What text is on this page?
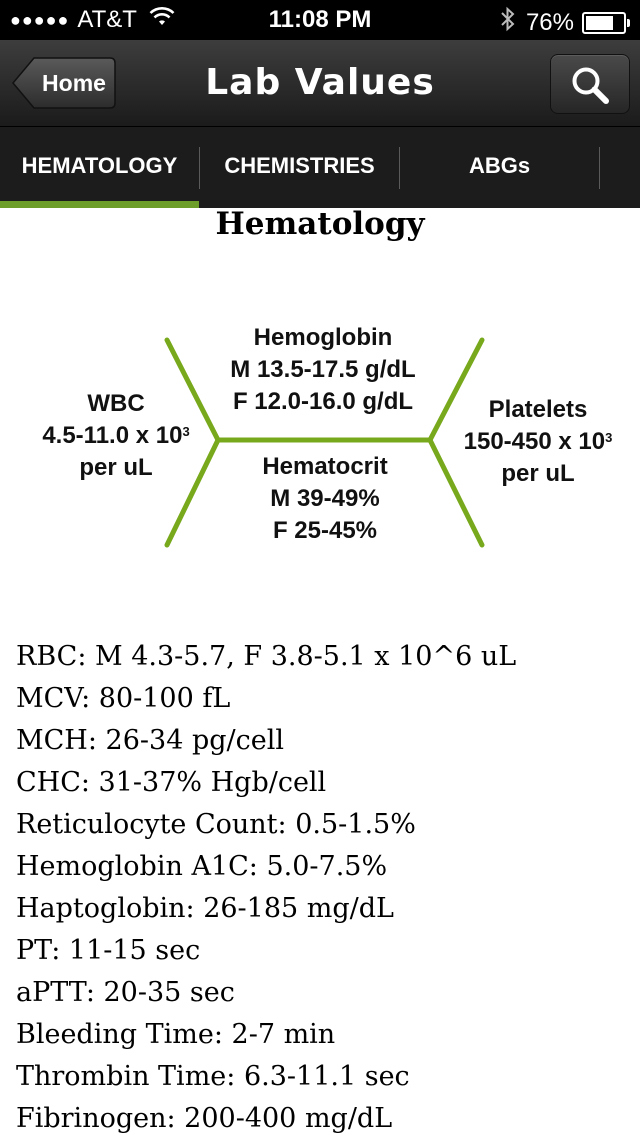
●●●●● AT&T	11:08 PM	76%
Home	Lab Values
HEMATOLOGY	CHEMISTRIES	ABGs
Hematology
Hemoglobin
M 13.5-17.5 g/dL
F 12.0-16.0 g/dL
WBC
4.5-11.0 x $10^3$
per uL
Platelets
150-450 x $10^3$
per uL
Hematocrit
M 39-49%
F 25-45%
RBC: M 4.3-5.7, F 3.8-5.1 x 10^6 uL
MCV: 80-100 fL
MCH: 26-34 pg/cell
CHC: 31-37% Hgb/cell
Reticulocyte Count: 0.5-1.5%
Hemoglobin A1C: 5.0-7.5%
Haptoglobin: 26-185 mg/dL
PT: 11-15 sec
aPTT: 20-35 sec
Bleeding Time: 2-7 min
Thrombin Time: 6.3-11.1 sec
Fibrinogen: 200-400 mg/dL
